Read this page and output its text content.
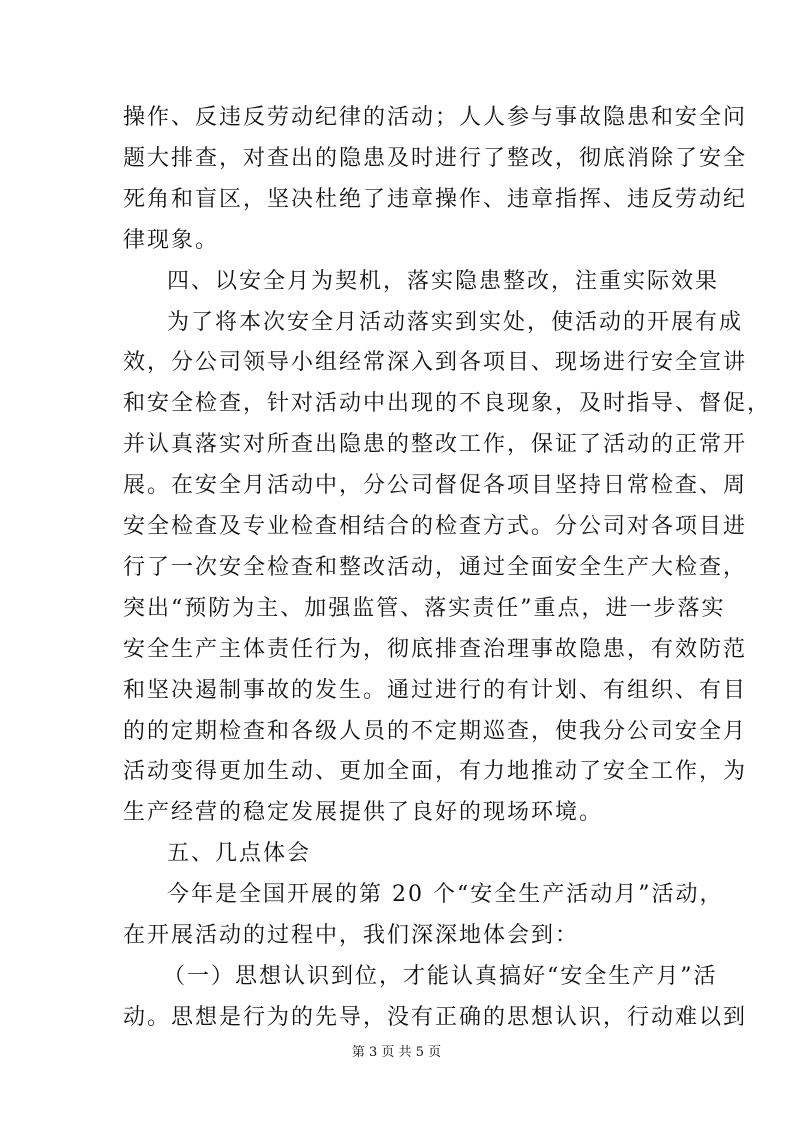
操作、反违反劳动纪律的活动；人人参与事故隐患和安全问
题大排查，对查出的隐患及时进行了整改，彻底消除了安全
死角和盲区，坚决杜绝了违章操作、违章指挥、违反劳动纪
律现象。
四、以安全月为契机，落实隐患整改，注重实际效果
为了将本次安全月活动落实到实处，使活动的开展有成
效，分公司领导小组经常深入到各项目、现场进行安全宣讲
和安全检查，针对活动中出现的不良现象，及时指导、督促，
并认真落实对所查出隐患的整改工作，保证了活动的正常开
展。在安全月活动中，分公司督促各项目坚持日常检查、周
安全检查及专业检查相结合的检查方式。分公司对各项目进
行了一次安全检查和整改活动，通过全面安全生产大检查，
突出“预防为主、加强监管、落实责任”重点，进一步落实
安全生产主体责任行为，彻底排查治理事故隐患，有效防范
和坚决遏制事故的发生。通过进行的有计划、有组织、有目
的的定期检查和各级人员的不定期巡查，使我分公司安全月
活动变得更加生动、更加全面，有力地推动了安全工作，为
生产经营的稳定发展提供了良好的现场环境。
五、几点体会
今年是全国开展的第 20 个“安全生产活动月”活动，
在开展活动的过程中，我们深深地体会到：
（一）思想认识到位，才能认真搞好“安全生产月”活
动。思想是行为的先导，没有正确的思想认识，行动难以到
第 3 页 共 5 页
